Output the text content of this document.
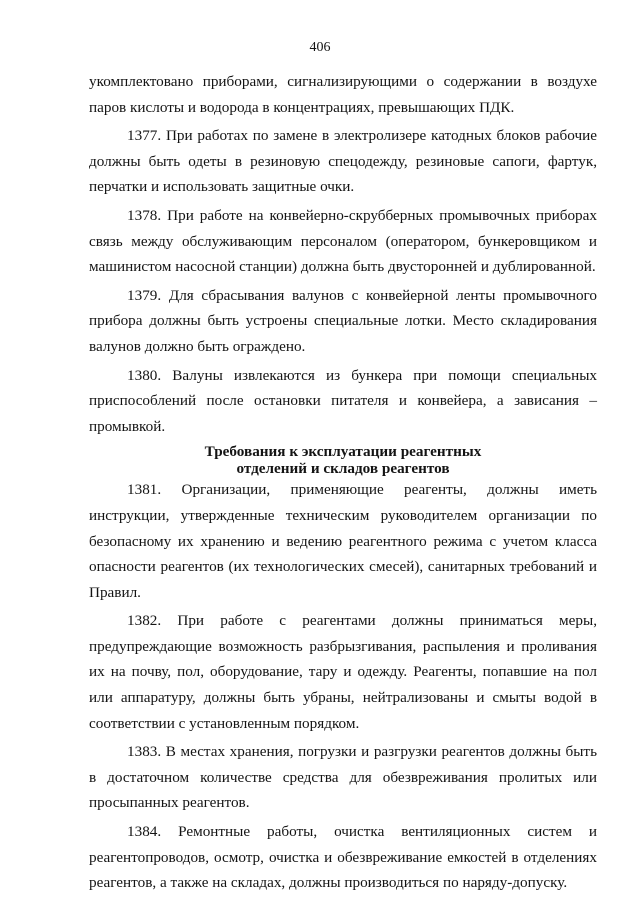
406

укомплектовано приборами, сигнализирующими о содержании в воздухе паров кислоты и водорода в концентрациях, превышающих ПДК.

1377. При работах по замене в электролизере катодных блоков рабочие должны быть одеты в резиновую спецодежду, резиновые сапоги, фартук, перчатки и использовать защитные очки.

1378. При работе на конвейерно-скрубберных промывочных приборах связь между обслуживающим персоналом (оператором, бункеровщиком и машинистом насосной станции) должна быть двусторонней и дублированной.

1379. Для сбрасывания валунов с конвейерной ленты промывочного прибора должны быть устроены специальные лотки. Место складирования валунов должно быть ограждено.

1380. Валуны извлекаются из бункера при помощи специальных приспособлений после остановки питателя и конвейера, а зависания – промывкой.

Требования к эксплуатации реагентных
отделений и складов реагентов

1381. Организации, применяющие реагенты, должны иметь инструкции, утвержденные техническим руководителем организации по безопасному их хранению и ведению реагентного режима с учетом класса опасности реагентов (их технологических смесей), санитарных требований и Правил.

1382. При работе с реагентами должны приниматься меры, предупреждающие возможность разбрызгивания, распыления и проливания их на почву, пол, оборудование, тару и одежду. Реагенты, попавшие на пол или аппаратуру, должны быть убраны, нейтрализованы и смыты водой в соответствии с установленным порядком.

1383. В местах хранения, погрузки и разгрузки реагентов должны быть в достаточном количестве средства для обезвреживания пролитых или просыпанных реагентов.

1384. Ремонтные работы, очистка вентиляционных систем и реагентопроводов, осмотр, очистка и обезвреживание емкостей в отделениях реагентов, а также на складах, должны производиться по наряду-допуску.
